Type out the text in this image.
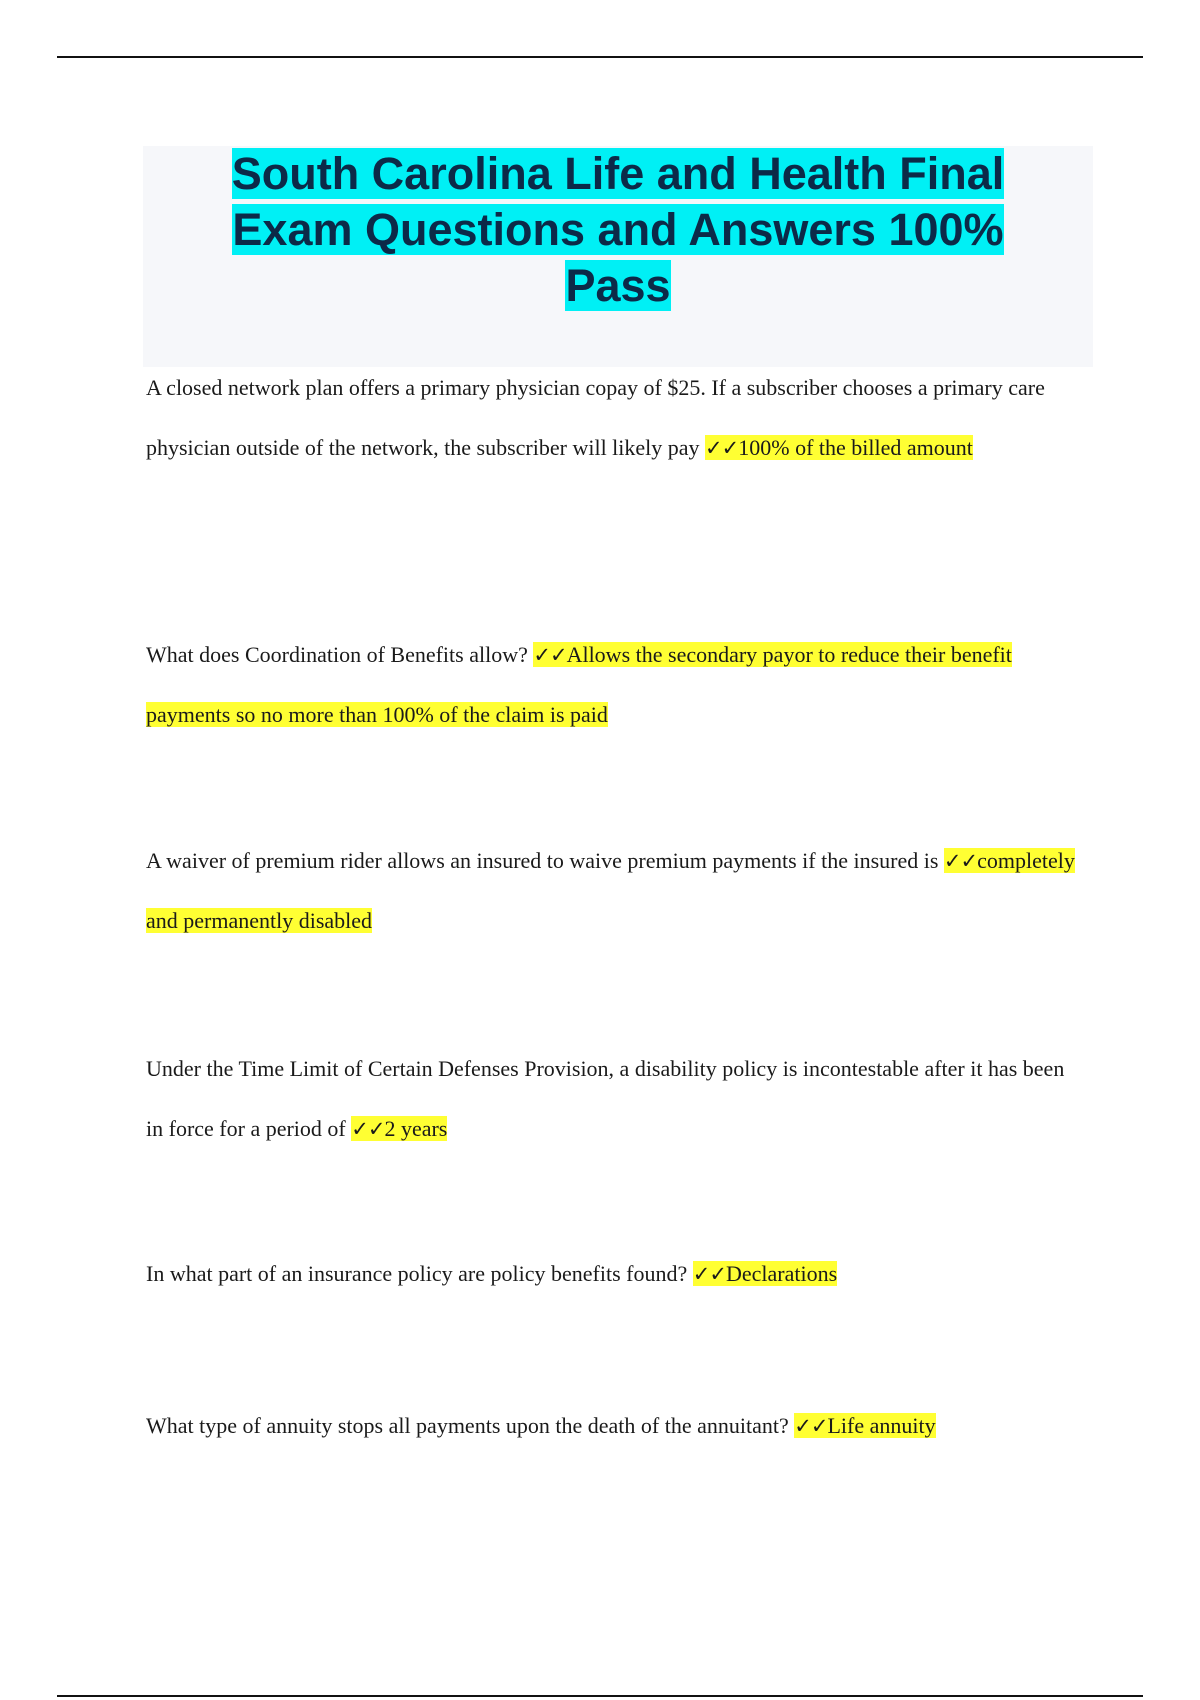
South Carolina Life and Health Final
Exam Questions and Answers 100%
Pass

A closed network plan offers a primary physician copay of $25. If a subscriber chooses a primary care physician outside of the network, the subscriber will likely pay ✓✓100% of the billed amount

What does Coordination of Benefits allow? ✓✓Allows the secondary payor to reduce their benefit payments so no more than 100% of the claim is paid

A waiver of premium rider allows an insured to waive premium payments if the insured is ✓✓completely and permanently disabled

Under the Time Limit of Certain Defenses Provision, a disability policy is incontestable after it has been in force for a period of ✓✓2 years

In what part of an insurance policy are policy benefits found? ✓✓Declarations

What type of annuity stops all payments upon the death of the annuitant? ✓✓Life annuity
